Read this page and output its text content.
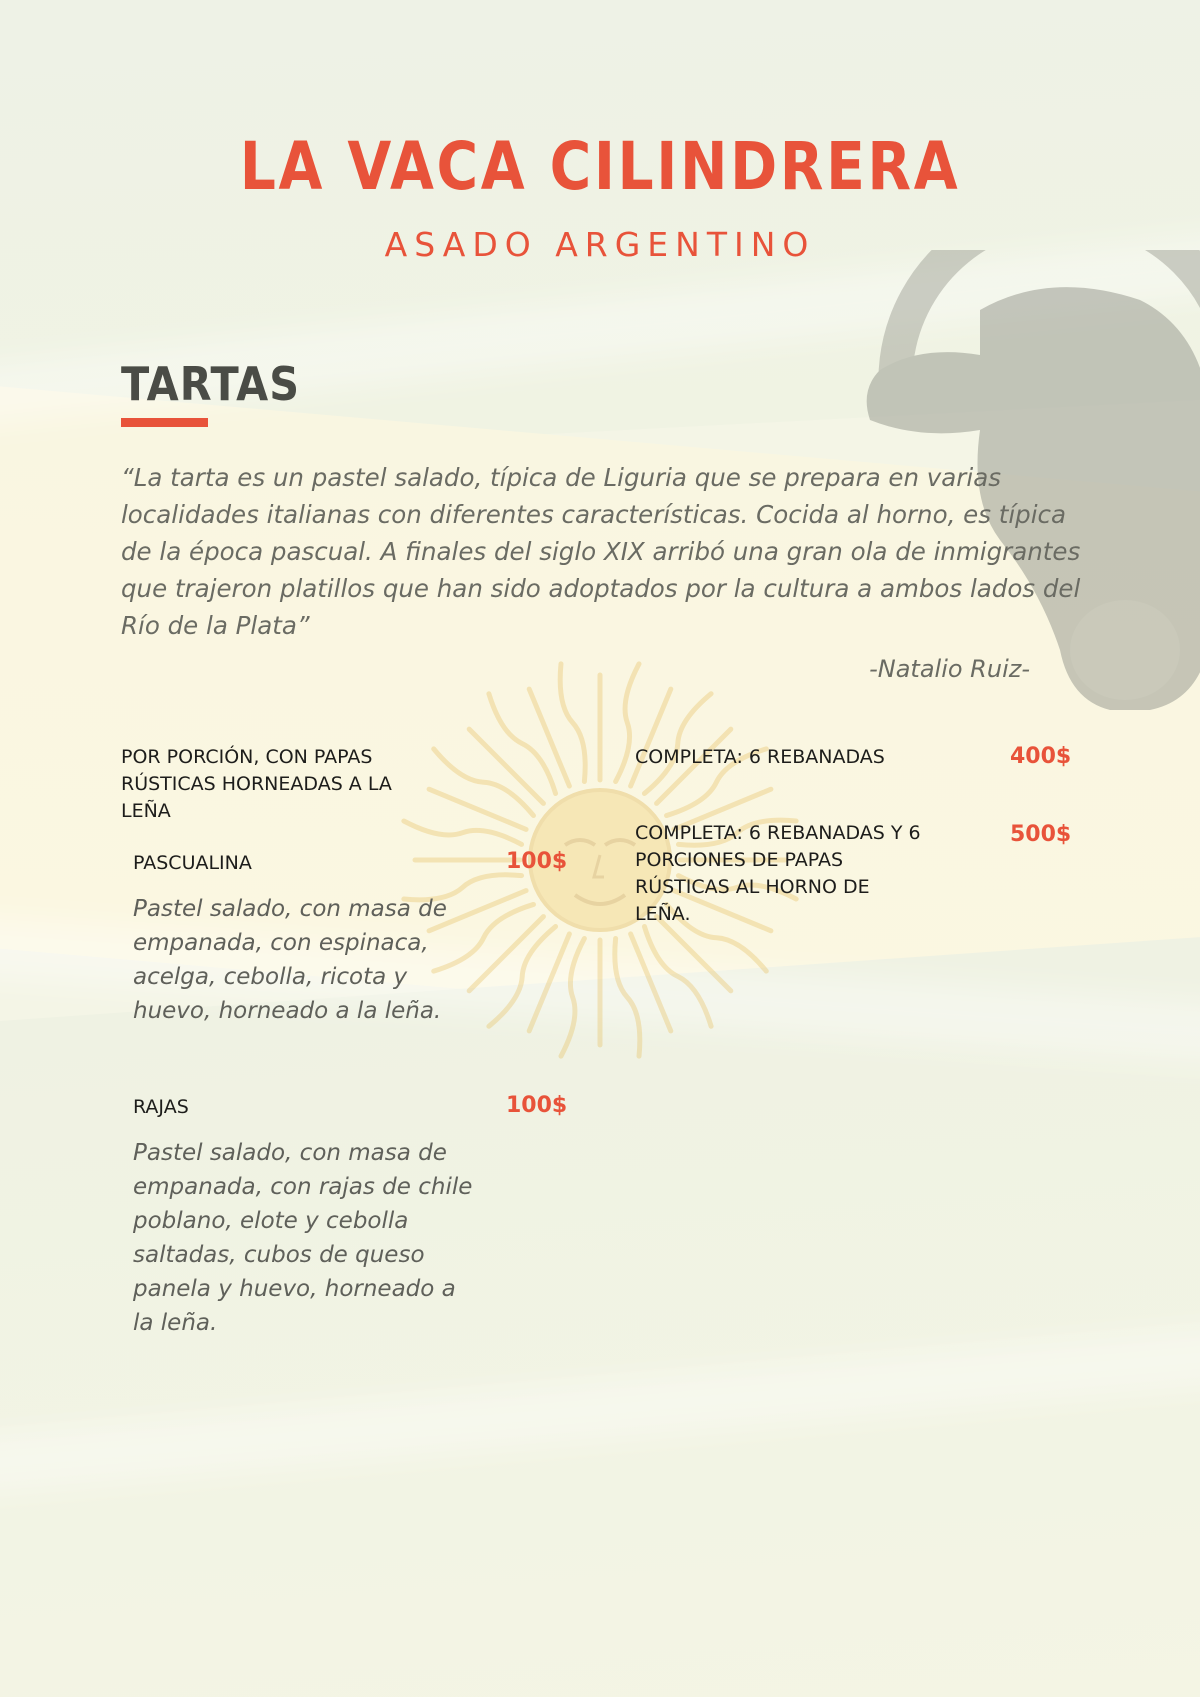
LA VACA CILINDRERA
ASADO ARGENTINO
TARTAS
“La tarta es un pastel salado, típica de Liguria que se prepara en varias localidades italianas con diferentes características. Cocida al horno, es típica de la época pascual. A finales del siglo XIX arribó una gran ola de inmigrantes que trajeron platillos que han sido adoptados por la cultura a ambos lados del Río de la Plata”
-Natalio Ruiz-
POR PORCIÓN, CON PAPAS RÚSTICAS HORNEADAS A LA LEÑA
PASCUALINA	100$
Pastel salado, con masa de empanada, con espinaca, acelga, cebolla, ricota y huevo, horneado a la leña.
RAJAS	100$
Pastel salado, con masa de empanada, con rajas de chile poblano, elote y cebolla saltadas, cubos de queso panela y huevo, horneado a la leña.
COMPLETA: 6 REBANADAS	400$
COMPLETA: 6 REBANADAS Y 6 PORCIONES DE PAPAS RÚSTICAS AL HORNO DE LEÑA.
500$
